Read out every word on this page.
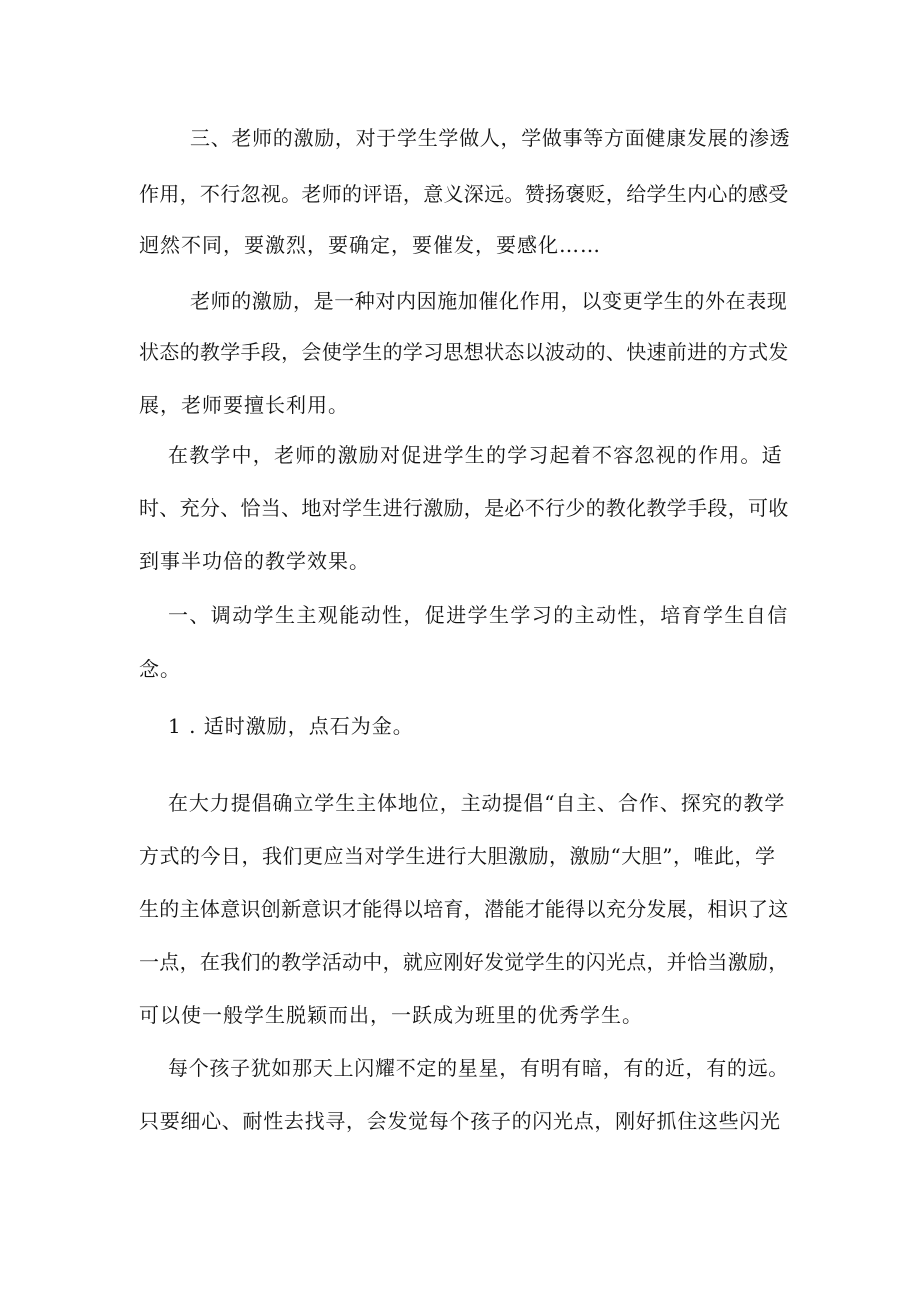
三、老师的激励，对于学生学做人，学做事等方面健康发展的渗透

作用，不行忽视。老师的评语，意义深远。赞扬褒贬，给学生内心的感受

迥然不同，要激烈，要确定，要催发，要感化……

老师的激励，是一种对内因施加催化作用，以变更学生的外在表现

状态的教学手段，会使学生的学习思想状态以波动的、快速前进的方式发

展，老师要擅长利用。

在教学中，老师的激励对促进学生的学习起着不容忽视的作用。适

时、充分、恰当、地对学生进行激励，是必不行少的教化教学手段，可收

到事半功倍的教学效果。

一、调动学生主观能动性，促进学生学习的主动性，培育学生自信

念。

1 . 适时激励，点石为金。

在大力提倡确立学生主体地位，主动提倡“自主、合作、探究的教学

方式的今日，我们更应当对学生进行大胆激励，激励“大胆”，唯此，学

生的主体意识创新意识才能得以培育，潜能才能得以充分发展，相识了这

一点，在我们的教学活动中，就应刚好发觉学生的闪光点，并恰当激励，

可以使一般学生脱颖而出，一跃成为班里的优秀学生。

每个孩子犹如那天上闪耀不定的星星，有明有暗，有的近，有的远。

只要细心、耐性去找寻，会发觉每个孩子的闪光点，刚好抓住这些闪光
